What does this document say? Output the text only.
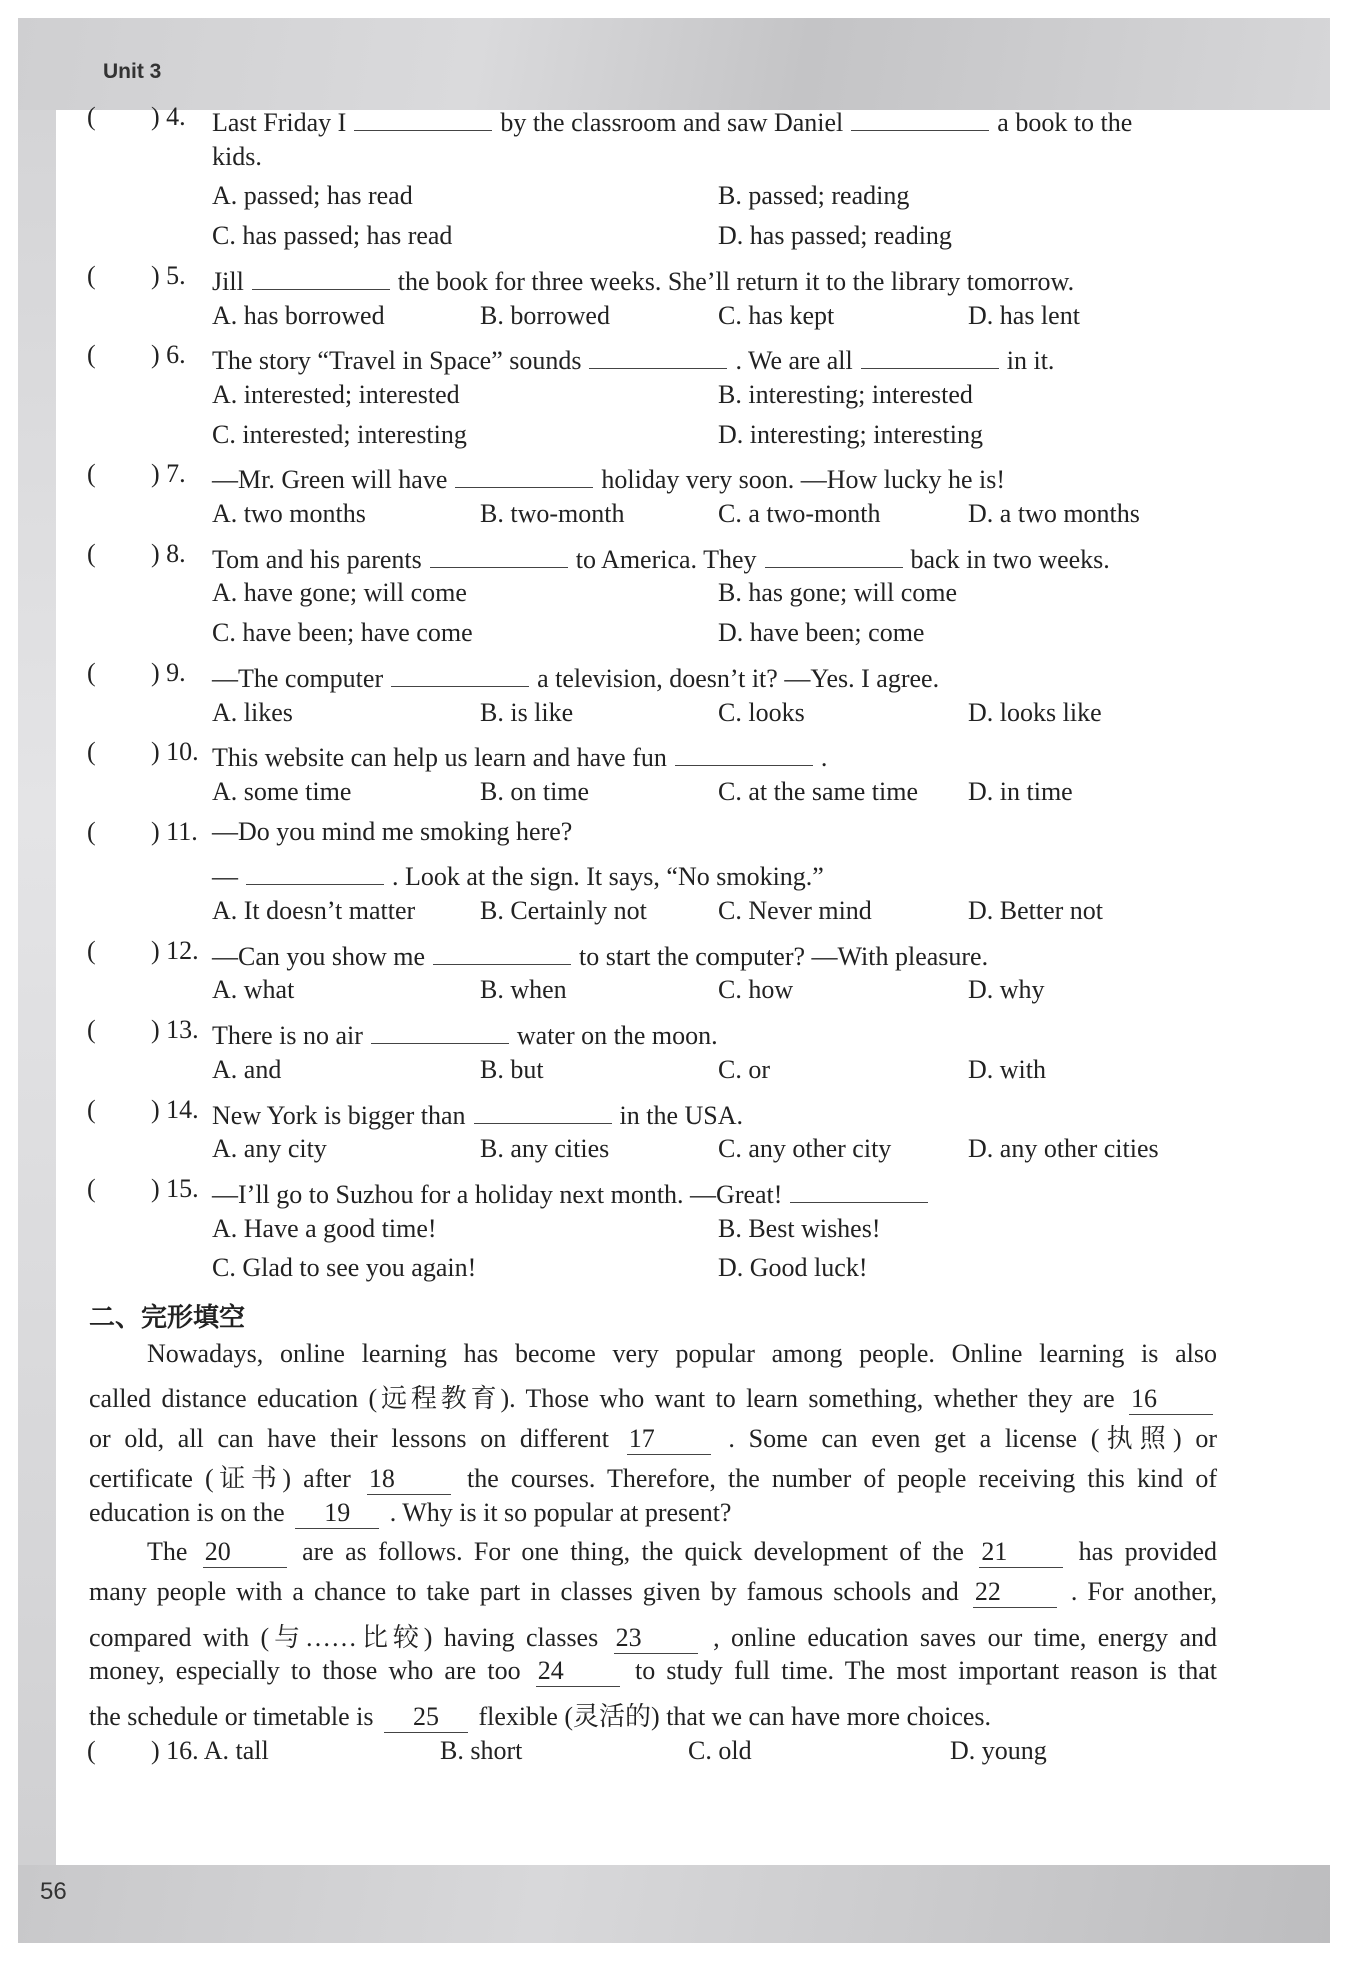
Unit 3
56
( ) 4. Last Friday I	by the classroom and saw Daniel	a book to the
kids.
A. passed; has read	B. passed; reading
C. has passed; has read	D. has passed; reading
( ) 5. Jill	the book for three weeks. She’ll return it to the library tomorrow.
A. has borrowed	B. borrowed	C. has kept	D. has lent
( ) 6. The story “Travel in Space” sounds	. We are all	in it.
A. interested; interested	B. interesting; interested
C. interested; interesting	D. interesting; interesting
( ) 7. —Mr. Green will have	holiday very soon. —How lucky he is!
A. two months	B. two-month	C. a two-month	D. a two months
( ) 8. Tom and his parents	to America. They	back in two weeks.
A. have gone; will come	B. has gone; will come
C. have been; have come	D. have been; come
( ) 9. —The computer	a television, doesn’t it? —Yes. I agree.
A. likes	B. is like	C. looks	D. looks like
( ) 10. This website can help us learn and have fun	.
A. some time	B. on time	C. at the same time D. in time
( ) 11. —Do you mind me smoking here?
—	. Look at the sign. It says, “No smoking.”
A. It doesn’t matter B. Certainly not	C. Never mind	D. Better not
( ) 12. —Can you show me	to start the computer? —With pleasure.
A. what	B. when	C. how	D. why
( ) 13. There is no air	water on the moon.
A. and	B. but	C. or	D. with
( ) 14. New York is bigger than	in the USA.
A. any city	B. any cities	C. any other city	D. any other cities
( ) 15. —I’ll go to Suzhou for a holiday next month. —Great!
A. Have a good time!	B. Best wishes!
C. Glad to see you again!	D. Good luck!
二、完形填空
Nowadays, online learning has become very popular among people. Online learning is also
called distance education (远程教育). Those who want to learn something, whether they are 16
or old, all can have their lessons on different 17	. Some can even get a license (执照) or
certificate (证书) after 18	the courses. Therefore, the number of people receiving this kind of
education is on the 19 . Why is it so popular at present?
The 20	are as follows. For one thing, the quick development of the 21	has provided
many people with a chance to take part in classes given by famous schools and 22	. For another,
compared with (与……比较) having classes 23	, online education saves our time, energy and
money, especially to those who are too 24	to study full time. The most important reason is that
the schedule or timetable is 25 flexible (灵活的) that we can have more choices.
( ) 16. A. tall	B. short	C. old	D. young
